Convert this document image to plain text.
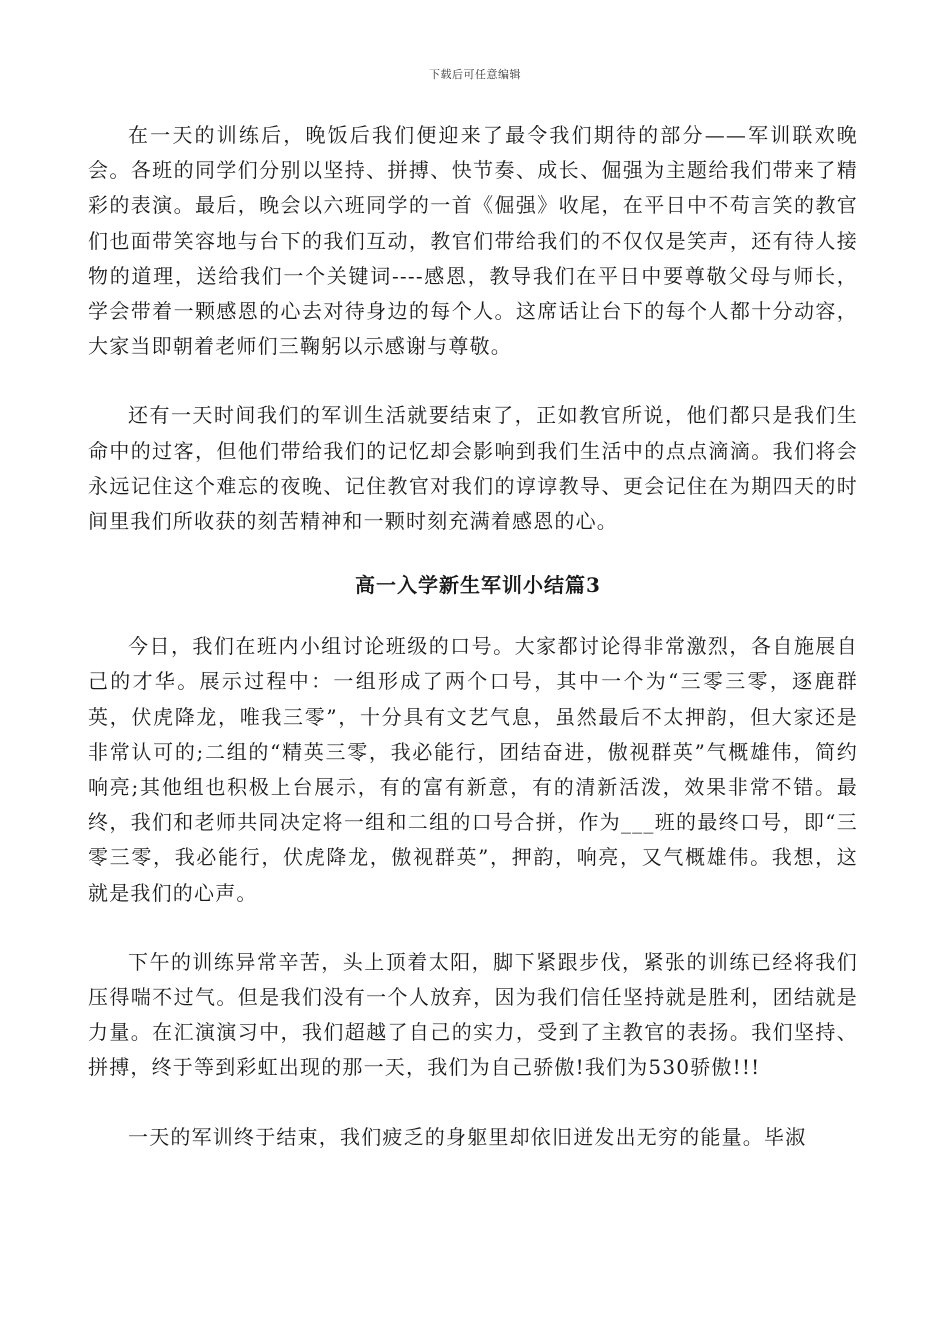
下载后可任意编辑

在一天的训练后，晚饭后我们便迎来了最令我们期待的部分——军训联欢晚会。各班的同学们分别以坚持、拼搏、快节奏、成长、倔强为主题给我们带来了精彩的表演。最后，晚会以六班同学的一首《倔强》收尾，在平日中不苟言笑的教官们也面带笑容地与台下的我们互动，教官们带给我们的不仅仅是笑声，还有待人接物的道理，送给我们一个关键词----感恩，教导我们在平日中要尊敬父母与师长，学会带着一颗感恩的心去对待身边的每个人。这席话让台下的每个人都十分动容，大家当即朝着老师们三鞠躬以示感谢与尊敬。

还有一天时间我们的军训生活就要结束了，正如教官所说，他们都只是我们生命中的过客，但他们带给我们的记忆却会影响到我们生活中的点点滴滴。我们将会永远记住这个难忘的夜晚、记住教官对我们的谆谆教导、更会记住在为期四天的时间里我们所收获的刻苦精神和一颗时刻充满着感恩的心。

高一入学新生军训小结篇3

今日，我们在班内小组讨论班级的口号。大家都讨论得非常激烈，各自施展自己的才华。展示过程中：一组形成了两个口号，其中一个为“三零三零，逐鹿群英，伏虎降龙，唯我三零”，十分具有文艺气息，虽然最后不太押韵，但大家还是非常认可的;二组的“精英三零，我必能行，团结奋进，傲视群英”气概雄伟，简约响亮;其他组也积极上台展示，有的富有新意，有的清新活泼，效果非常不错。最终，我们和老师共同决定将一组和二组的口号合拼，作为___班的最终口号，即“三零三零，我必能行，伏虎降龙，傲视群英”，押韵，响亮，又气概雄伟。我想，这就是我们的心声。

下午的训练异常辛苦，头上顶着太阳，脚下紧跟步伐，紧张的训练已经将我们压得喘不过气。但是我们没有一个人放弃，因为我们信任坚持就是胜利，团结就是力量。在汇演演习中，我们超越了自己的实力，受到了主教官的表扬。我们坚持、拼搏，终于等到彩虹出现的那一天，我们为自己骄傲!我们为530骄傲!!!

一天的军训终于结束，我们疲乏的身躯里却依旧迸发出无穷的能量。毕淑
